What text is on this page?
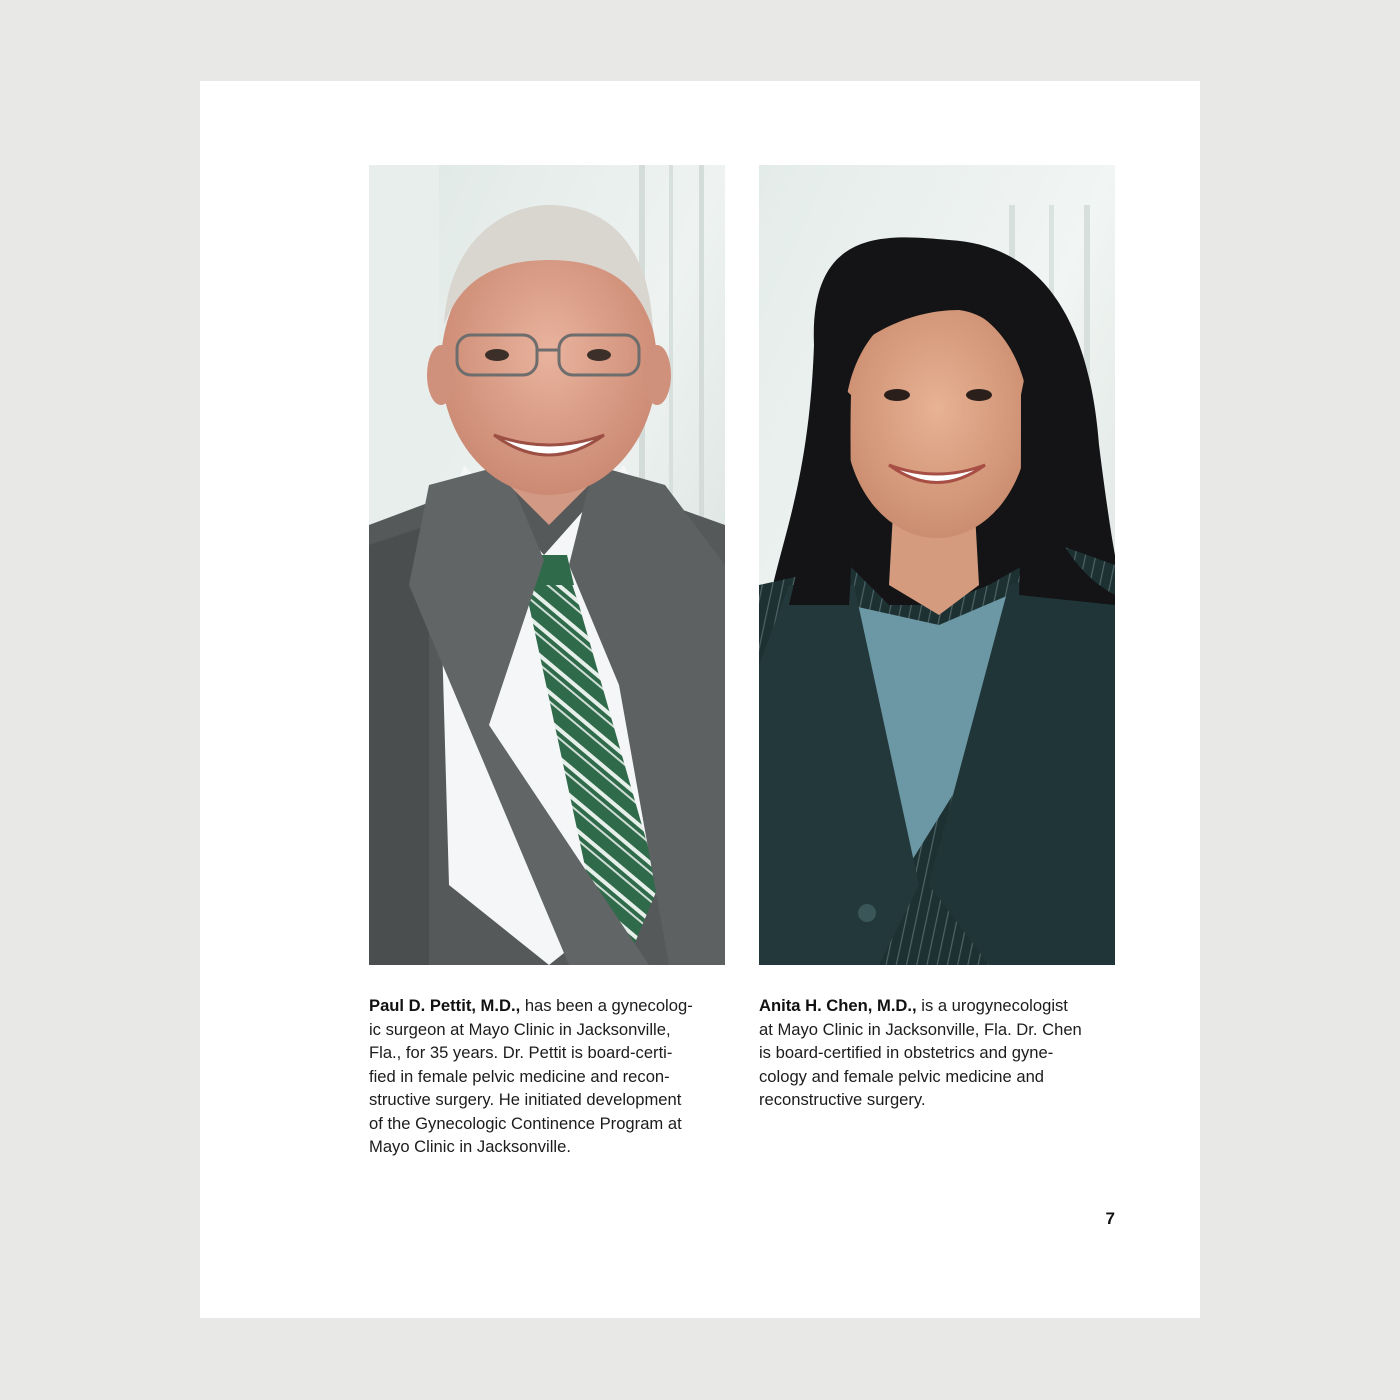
Paul D. Pettit, M.D., has been a gynecolog-
ic surgeon at Mayo Clinic in Jacksonville,
Fla., for 35 years. Dr. Pettit is board-certi-
fied in female pelvic medicine and recon-
structive surgery. He initiated development
of the Gynecologic Continence Program at
Mayo Clinic in Jacksonville.
Anita H. Chen, M.D., is a urogynecologist
at Mayo Clinic in Jacksonville, Fla. Dr. Chen
is board-certified in obstetrics and gyne-
cology and female pelvic medicine and
reconstructive surgery.
7
